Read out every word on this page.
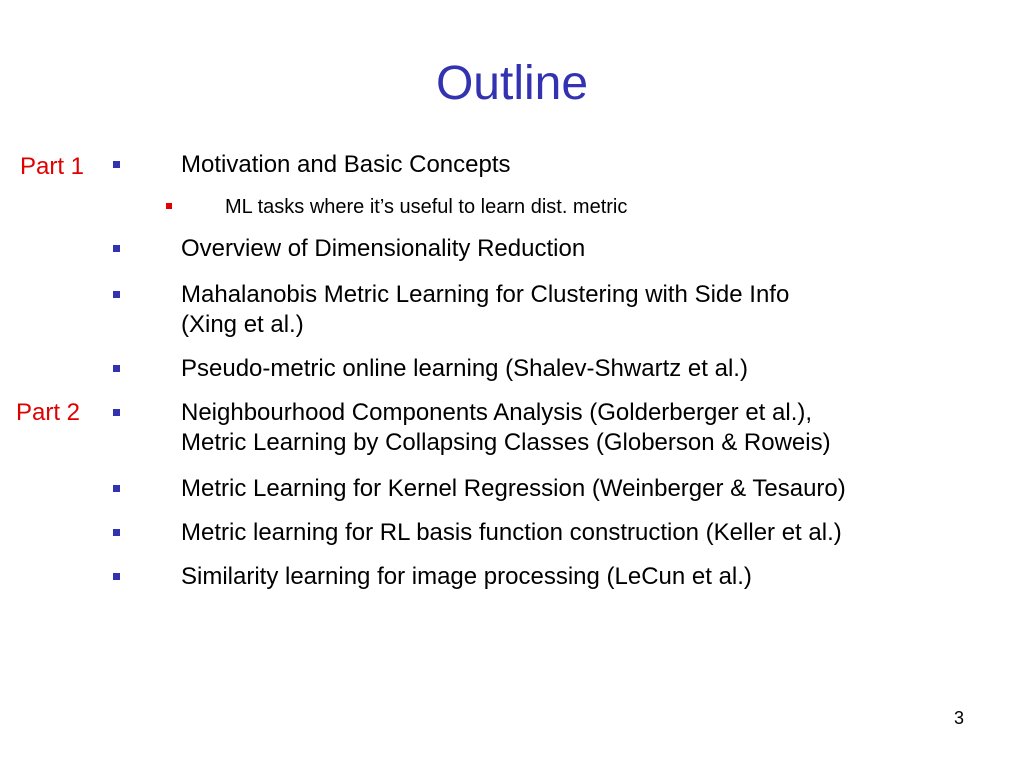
Outline
Part 1
Part 2
Motivation and Basic Concepts
ML tasks where it’s useful to learn dist. metric
Overview of Dimensionality Reduction
Mahalanobis Metric Learning for Clustering with Side Info
(Xing et al.)
Pseudo-metric online learning (Shalev-Shwartz et al.)
Neighbourhood Components Analysis (Golderberger et al.),
Metric Learning by Collapsing Classes (Globerson & Roweis)
Metric Learning for Kernel Regression (Weinberger & Tesauro)
Metric learning for RL basis function construction (Keller et al.)
Similarity learning for image processing (LeCun et al.)
3
